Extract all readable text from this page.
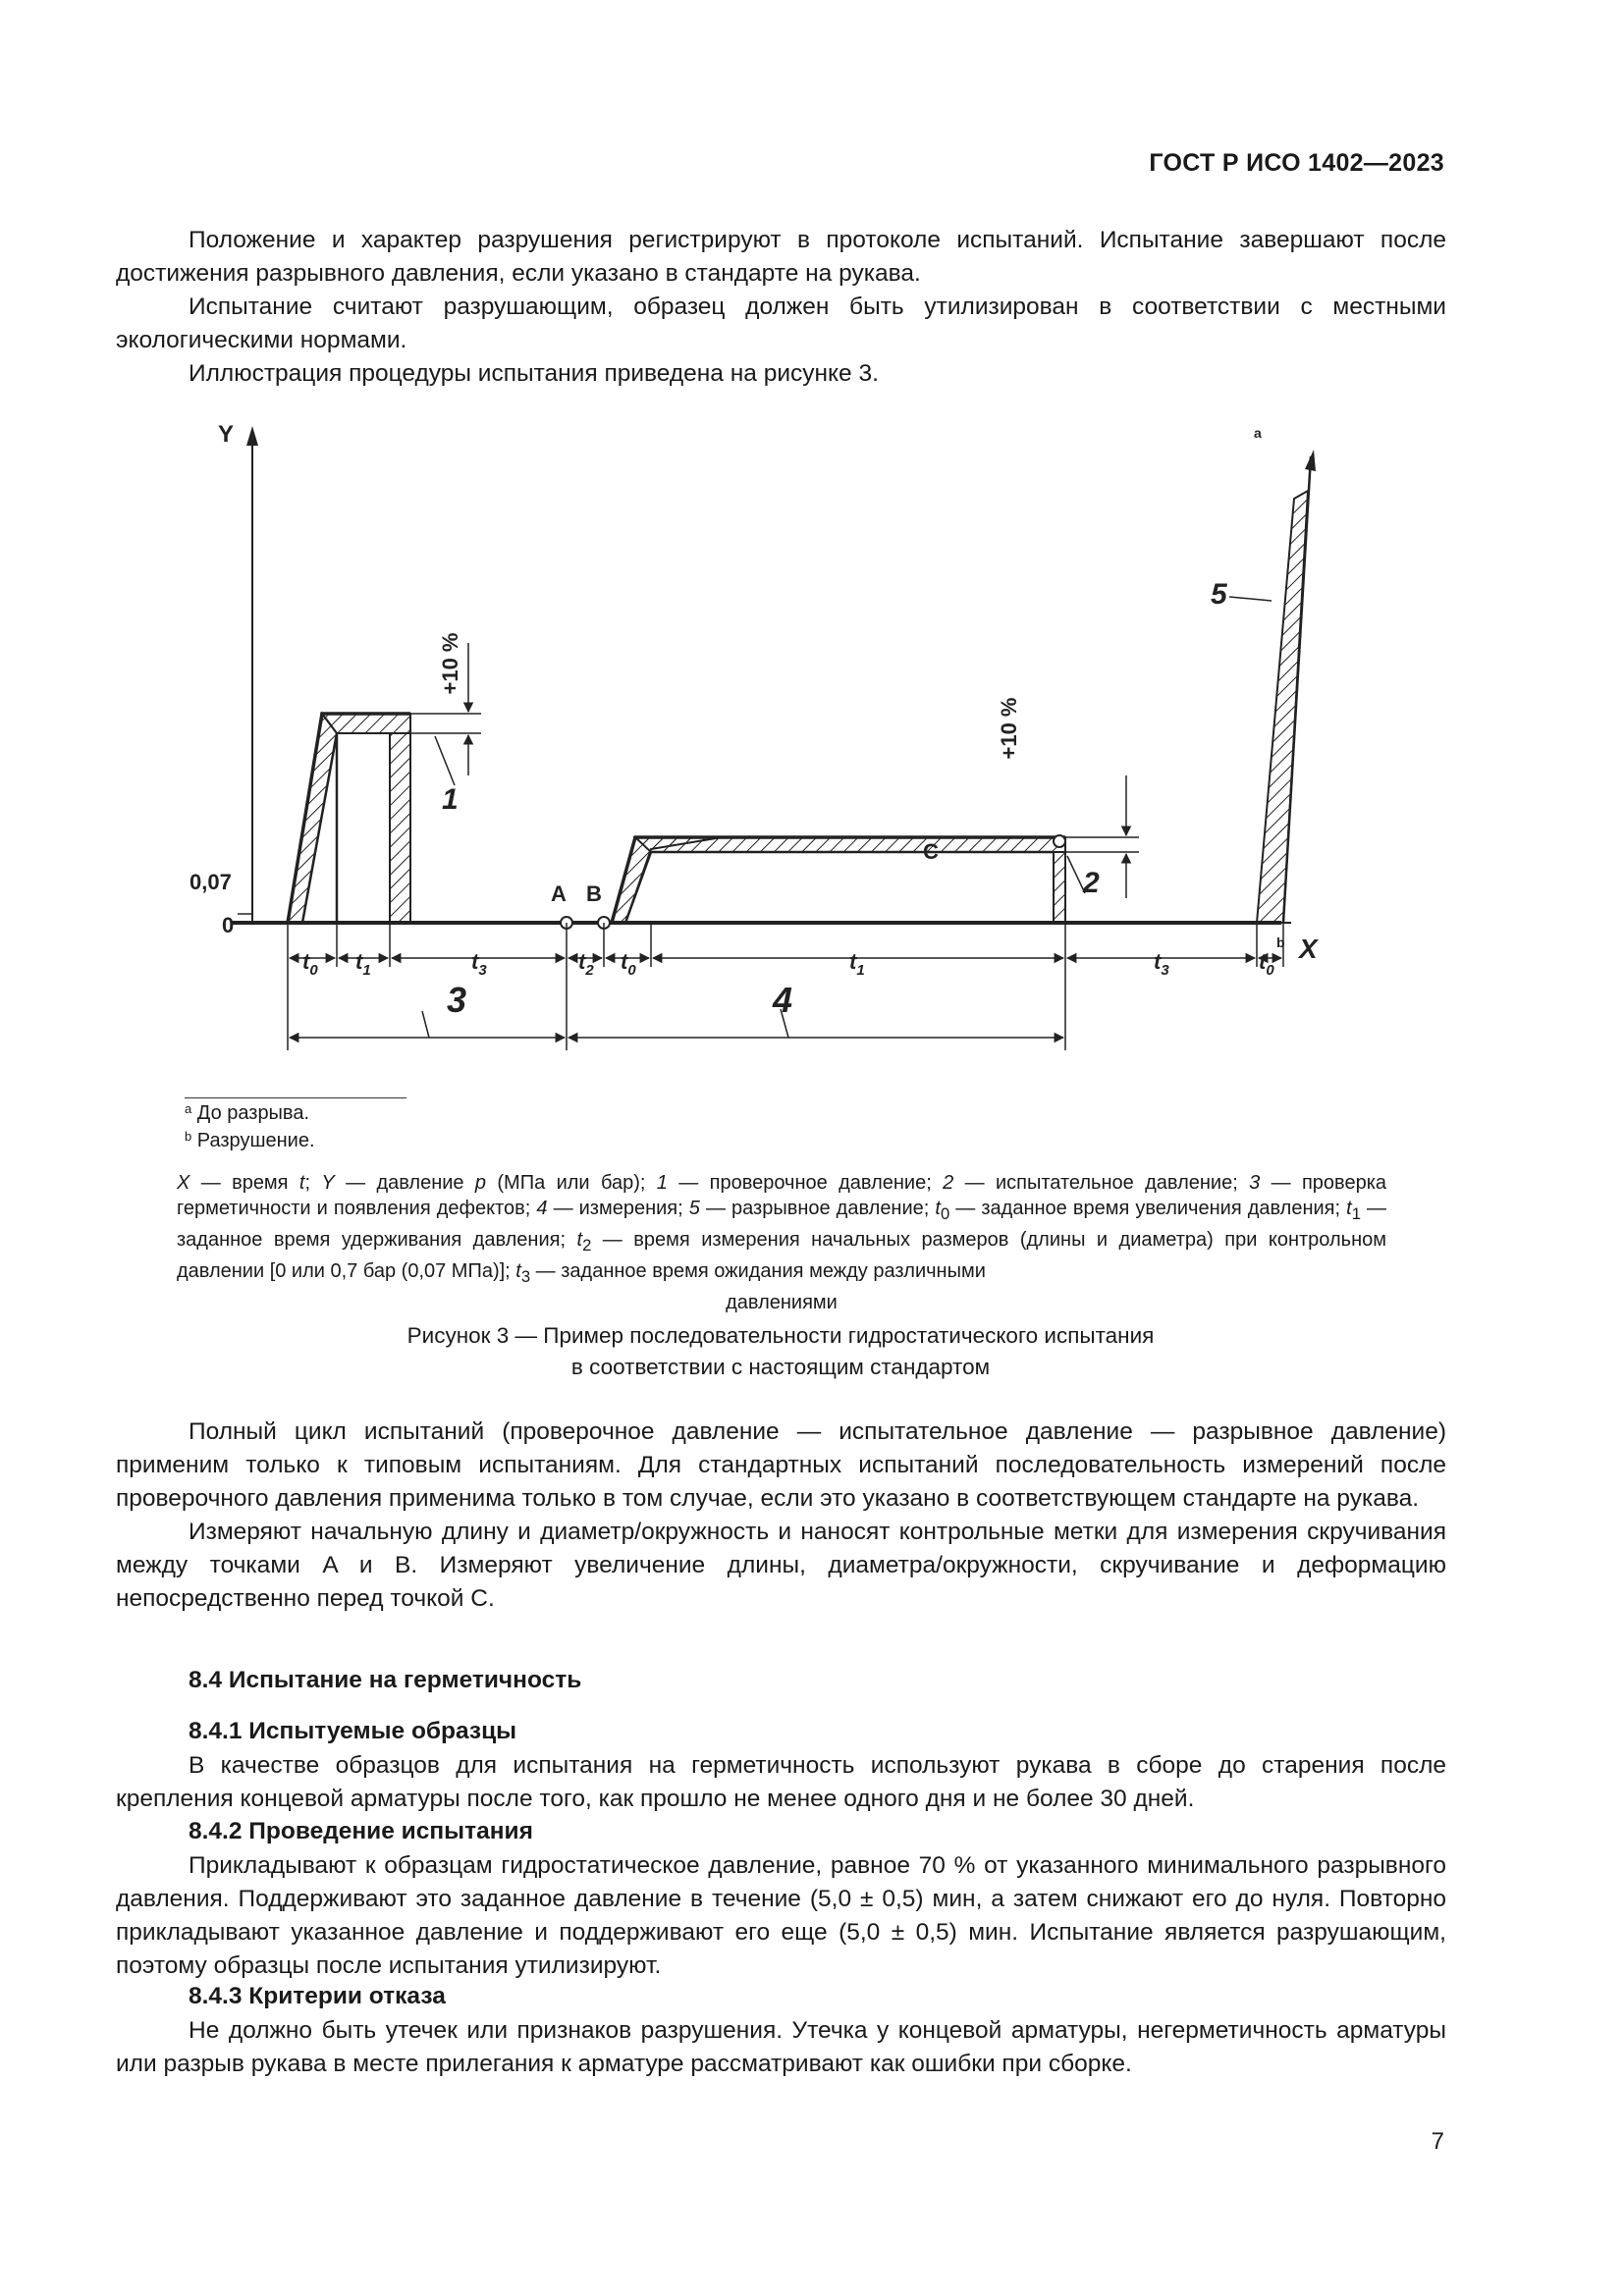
ГОСТ Р ИСО 1402—2023

Положение и характер разрушения регистрируют в протоколе испытаний. Испытание завершают после достижения разрывного давления, если указано в стандарте на рукава.

Испытание считают разрушающим, образец должен быть утилизирован в соответствии с местными экологическими нормами.

Иллюстрация процедуры испытания приведена на рисунке 3.

Y
X
0,07
0
+10 %
+10 %
1
2
5
a
A B
C
3	4
$t_0$ $t_1$	$t_3$	$t_2$ $t_0$	$t_1$	$t_3$	$t_0$
b
$^a$ До разрыва.
$^b$ Разрушение.
X — время t; Y — давление p (МПа или бар); 1 — проверочное давление; 2 — испытательное давление; 3 — проверка герметичности и появления дефектов; 4 — измерения; 5 — разрывное давление; $t_0$ — заданное время увеличения давления; $t_1$ — заданное время удерживания давления; $t_2$ — время измерения начальных размеров (длины и диаметра) при контрольном давлении [0 или 0,7 бар (0,07 МПа)]; $t_3$ — заданное время ожидания между различными
давлениями
Рисунок 3 — Пример последовательности гидростатического испытания
в соответствии с настоящим стандартом

Полный цикл испытаний (проверочное давление — испытательное давление — разрывное давление) применим только к типовым испытаниям. Для стандартных испытаний последовательность измерений после проверочного давления применима только в том случае, если это указано в соответствующем стандарте на рукава.

Измеряют начальную длину и диаметр/окружность и наносят контрольные метки для измерения скручивания между точками A и B. Измеряют увеличение длины, диаметра/окружности, скручивание и деформацию непосредственно перед точкой C.

8.4 Испытание на герметичность
8.4.1 Испытуемые образцы

В качестве образцов для испытания на герметичность используют рукава в сборе до старения после крепления концевой арматуры после того, как прошло не менее одного дня и не более 30 дней.

8.4.2 Проведение испытания

Прикладывают к образцам гидростатическое давление, равное 70 % от указанного минимального разрывного давления. Поддерживают это заданное давление в течение (5,0 ± 0,5) мин, а затем снижают его до нуля. Повторно прикладывают указанное давление и поддерживают его еще (5,0 ± 0,5) мин. Испытание является разрушающим, поэтому образцы после испытания утилизируют.

8.4.3 Критерии отказа

Не должно быть утечек или признаков разрушения. Утечка у концевой арматуры, негерметичность арматуры или разрыв рукава в месте прилегания к арматуре рассматривают как ошибки при сборке.

7
